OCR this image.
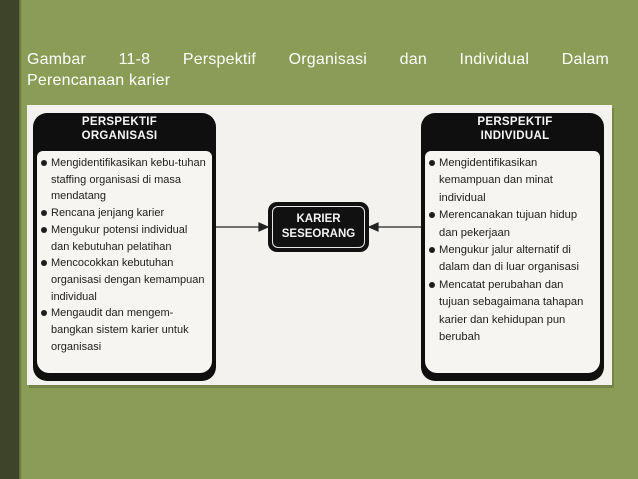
Gambar 11-8 Perspektif Organisasi dan Individual Dalam
Perencanaan karier
PERSPEKTIF
ORGANISASI
Mengidentifikasikan kebu-tuhan staffing organisasi di masa mendatang
Rencana jenjang karier
Mengukur potensi individual dan kebutuhan pelatihan
Mencocokkan kebutuhan organisasi dengan kemampuan individual
Mengaudit dan mengem-bangkan sistem karier untuk organisasi
KARIER
SESEORANG
PERSPEKTIF
INDIVIDUAL
Mengidentifikasikan kemampuan dan minat individual
Merencanakan tujuan hidup dan pekerjaan
Mengukur jalur alternatif di dalam dan di luar organisasi
Mencatat perubahan dan tujuan sebagaimana tahapan karier dan kehidupan pun berubah
